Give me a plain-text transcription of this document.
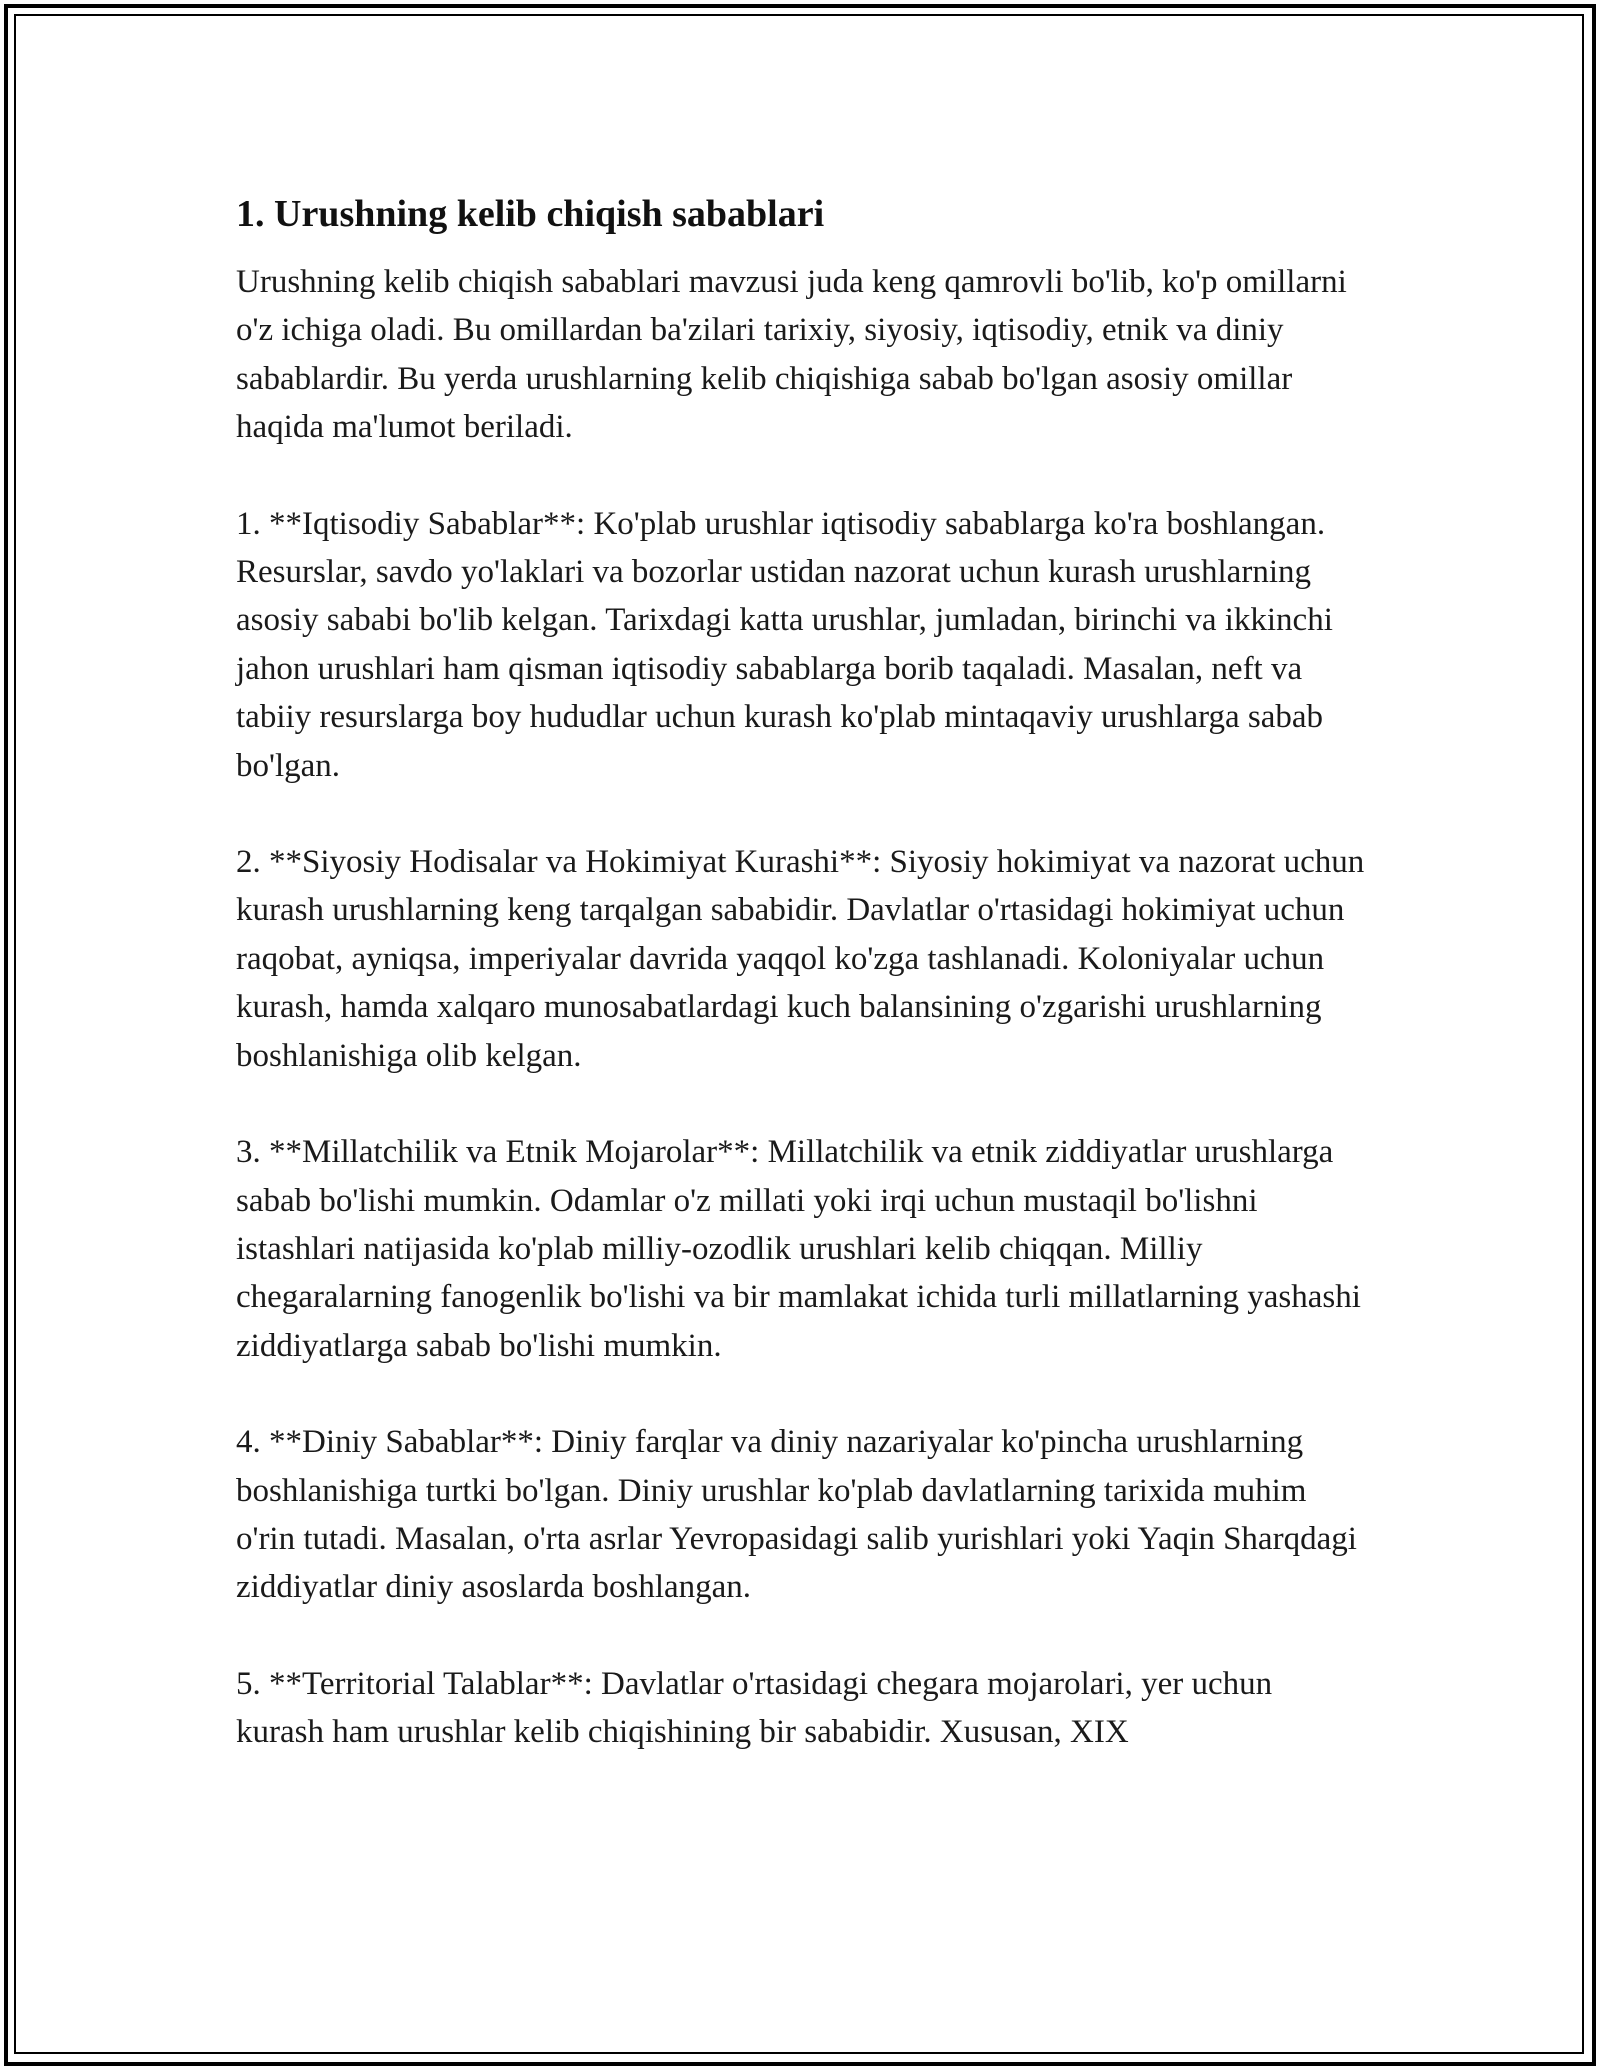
1. Urushning kelib chiqish sabablari

Urushning kelib chiqish sabablari mavzusi juda keng qamrovli bo'lib, ko'p omillarni o'z ichiga oladi. Bu omillardan ba'zilari tarixiy, siyosiy, iqtisodiy, etnik va diniy sabablardir. Bu yerda urushlarning kelib chiqishiga sabab bo'lgan asosiy omillar haqida ma'lumot beriladi.

1. **Iqtisodiy Sabablar**: Ko'plab urushlar iqtisodiy sabablarga ko'ra boshlangan. Resurslar, savdo yo'laklari va bozorlar ustidan nazorat uchun kurash urushlarning asosiy sababi bo'lib kelgan. Tarixdagi katta urushlar, jumladan, birinchi va ikkinchi jahon urushlari ham qisman iqtisodiy sabablarga borib taqaladi. Masalan, neft va tabiiy resurslarga boy hududlar uchun kurash ko'plab mintaqaviy urushlarga sabab bo'lgan.

2. **Siyosiy Hodisalar va Hokimiyat Kurashi**: Siyosiy hokimiyat va nazorat uchun kurash urushlarning keng tarqalgan sababidir. Davlatlar o'rtasidagi hokimiyat uchun raqobat, ayniqsa, imperiyalar davrida yaqqol ko'zga tashlanadi. Koloniyalar uchun kurash, hamda xalqaro munosabatlardagi kuch balansining o'zgarishi urushlarning boshlanishiga olib kelgan.

3. **Millatchilik va Etnik Mojarolar**: Millatchilik va etnik ziddiyatlar urushlarga sabab bo'lishi mumkin. Odamlar o'z millati yoki irqi uchun mustaqil bo'lishni istashlari natijasida ko'plab milliy-ozodlik urushlari kelib chiqqan. Milliy chegaralarning fanogenlik bo'lishi va bir mamlakat ichida turli millatlarning yashashi ziddiyatlarga sabab bo'lishi mumkin.

4. **Diniy Sabablar**: Diniy farqlar va diniy nazariyalar ko'pincha urushlarning boshlanishiga turtki bo'lgan. Diniy urushlar ko'plab davlatlarning tarixida muhim o'rin tutadi. Masalan, o'rta asrlar Yevropasidagi salib yurishlari yoki Yaqin Sharqdagi ziddiyatlar diniy asoslarda boshlangan.

5. **Territorial Talablar**: Davlatlar o'rtasidagi chegara mojarolari, yer uchun kurash ham urushlar kelib chiqishining bir sababidir. Xususan, XIX
